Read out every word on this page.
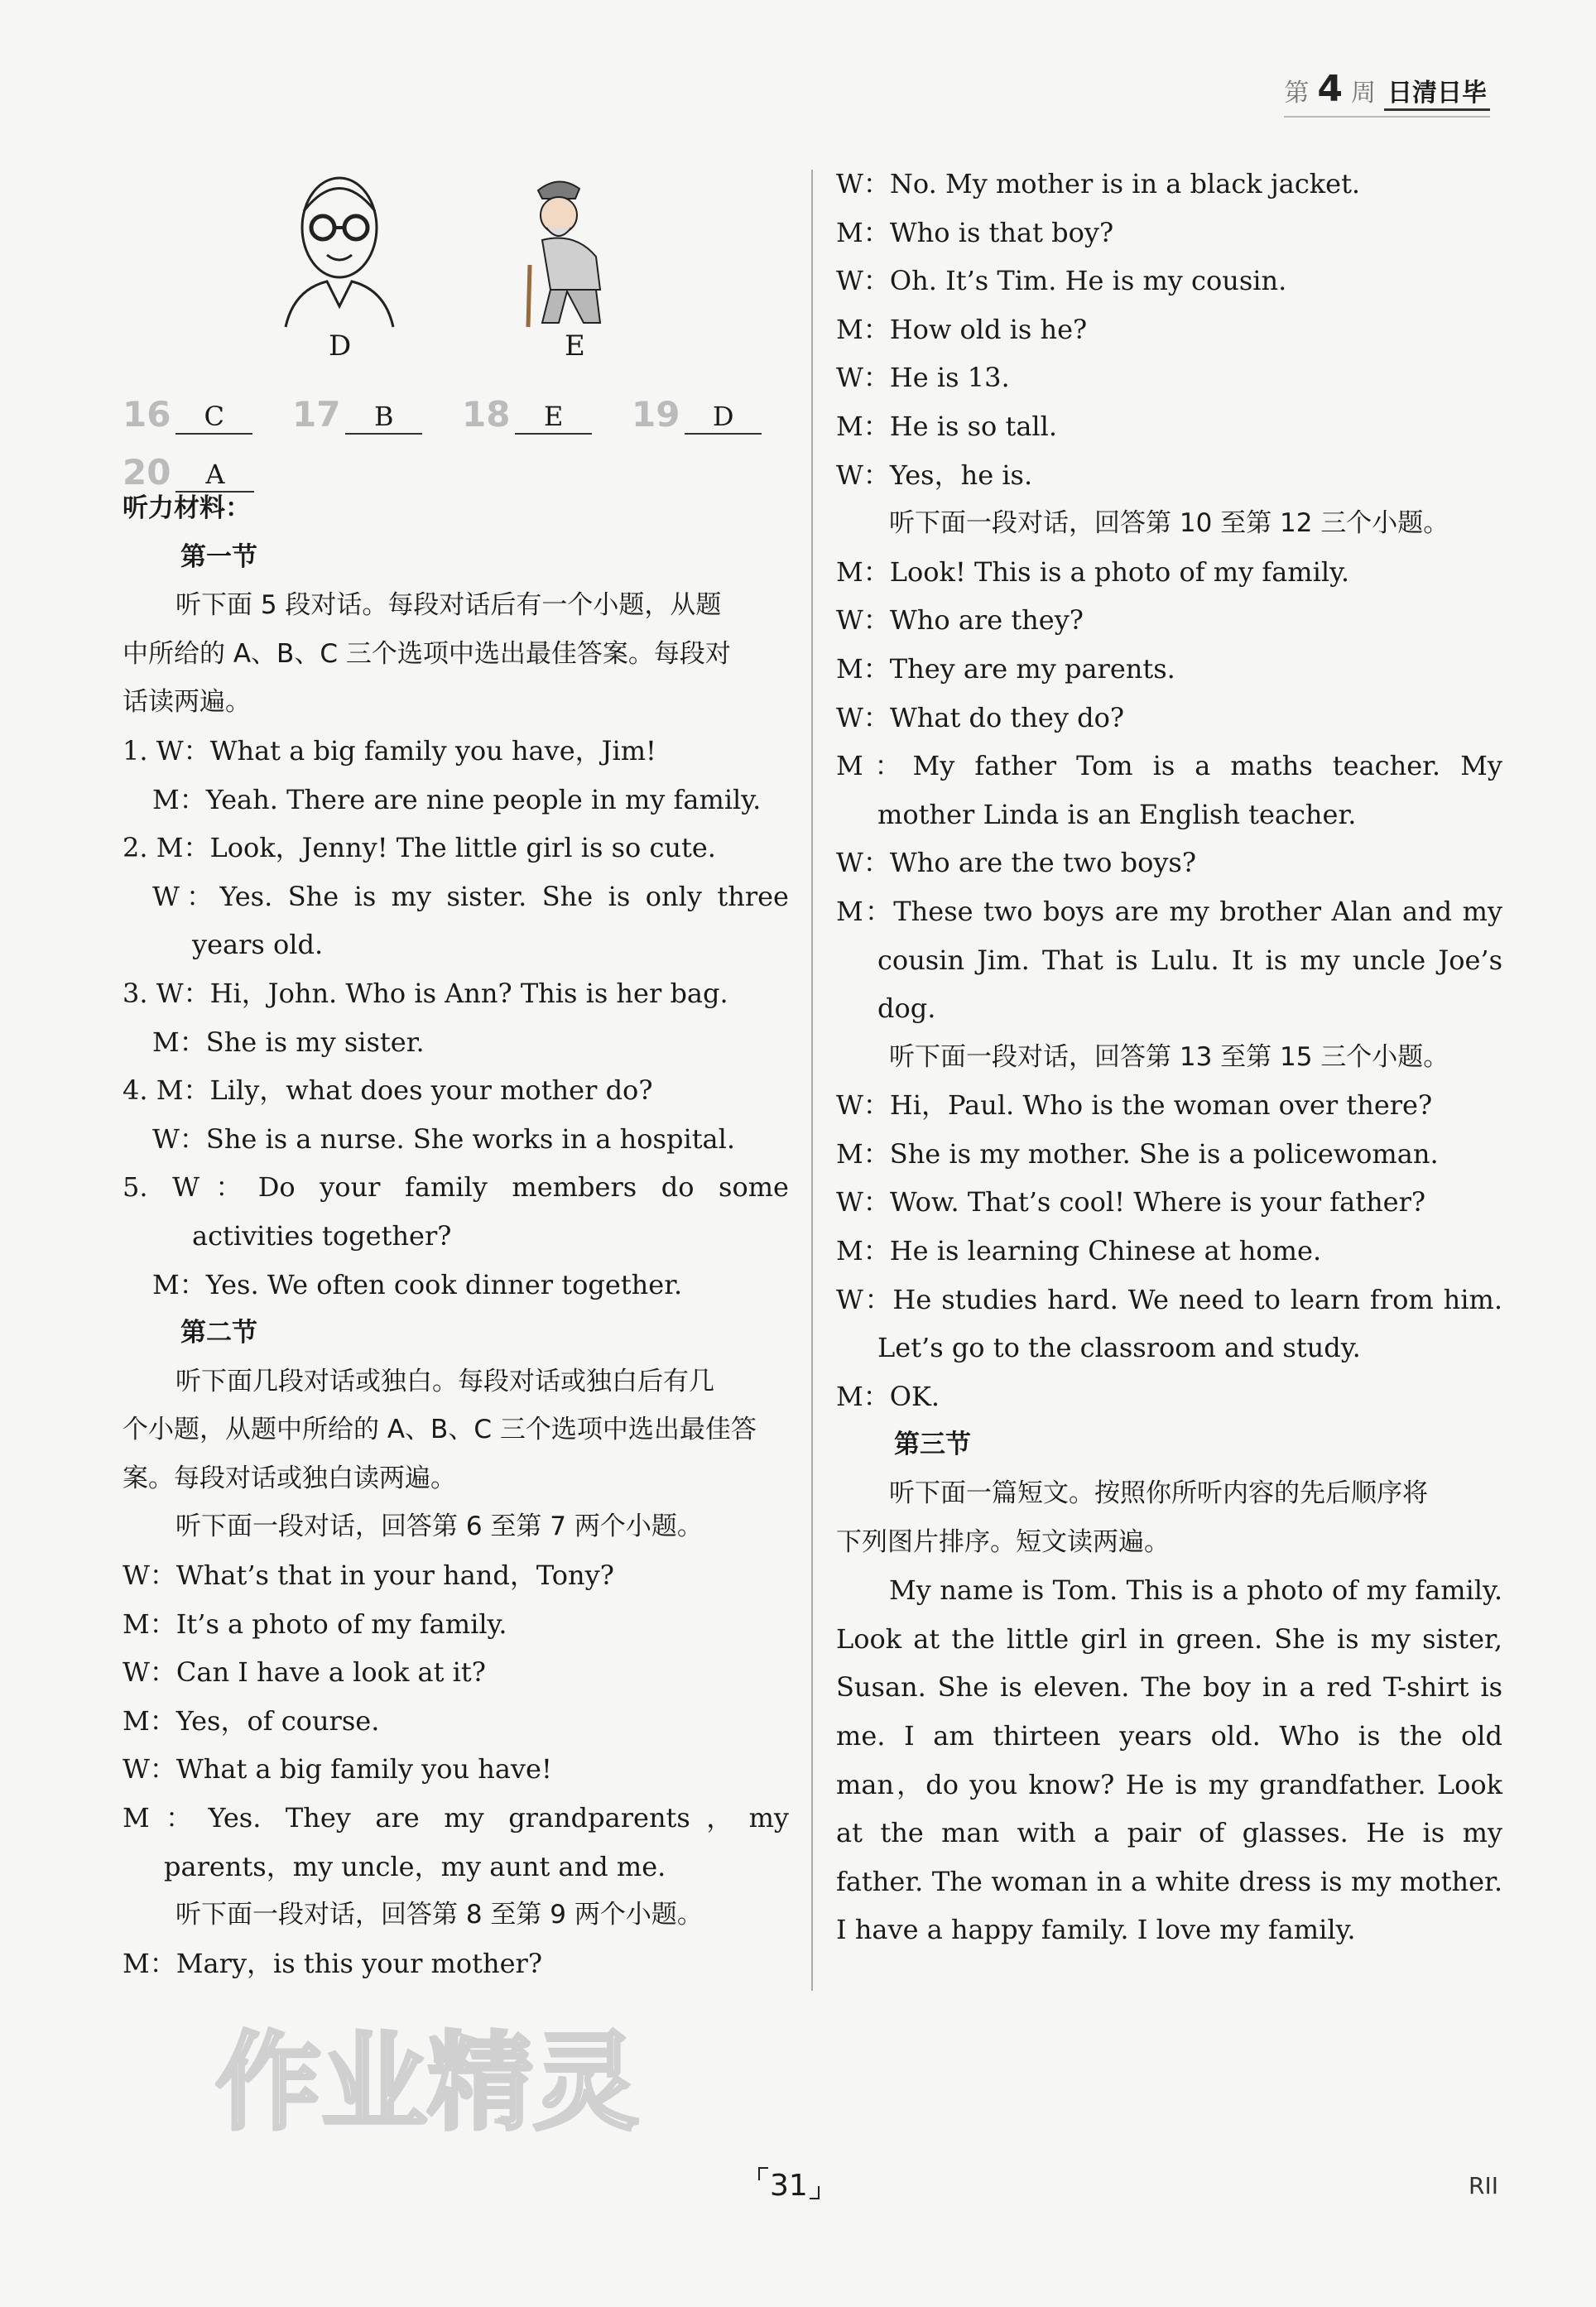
第 4 周 日清日毕
D	E
16	C	17	B	18	E	19	D
20	A

听力材料：

第一节

听下面 5 段对话。每段对话后有一个小题，从题

中所给的 A、B、C 三个选项中选出最佳答案。每段对

话读两遍。

1. W：What a big family you have，Jim!

M：Yeah. There are nine people in my family.

2. M：Look，Jenny! The little girl is so cute.

W：Yes. She is my sister. She is only three years old.

3. W：Hi，John. Who is Ann? This is her bag.

M：She is my sister.

4. M：Lily，what does your mother do?

W：She is a nurse. She works in a hospital.

5. W：Do your family members do some activities together?

M：Yes. We often cook dinner together.

第二节

听下面几段对话或独白。每段对话或独白后有几

个小题，从题中所给的 A、B、C 三个选项中选出最佳答

案。每段对话或独白读两遍。

听下面一段对话，回答第 6 至第 7 两个小题。

W：What’s that in your hand，Tony?

M：It’s a photo of my family.

W：Can I have a look at it?

M：Yes，of course.

W：What a big family you have!

M：Yes. They are my grandparents，my parents，my uncle，my aunt and me.

听下面一段对话，回答第 8 至第 9 两个小题。

M：Mary，is this your mother?

W：No. My mother is in a black jacket.

M：Who is that boy?

W：Oh. It’s Tim. He is my cousin.

M：How old is he?

W：He is 13.

M：He is so tall.

W：Yes，he is.

听下面一段对话，回答第 10 至第 12 三个小题。

M：Look! This is a photo of my family.

W：Who are they?

M：They are my parents.

W：What do they do?

M：My father Tom is a maths teacher. My mother Linda is an English teacher.

W：Who are the two boys?

M：These two boys are my brother Alan and my cousin Jim. That is Lulu. It is my uncle Joe’s dog.

听下面一段对话，回答第 13 至第 15 三个小题。

W：Hi，Paul. Who is the woman over there?

M：She is my mother. She is a policewoman.

W：Wow. That’s cool! Where is your father?

M：He is learning Chinese at home.

W：He studies hard. We need to learn from him. Let’s go to the classroom and study.

M：OK.

第三节

听下面一篇短文。按照你所听内容的先后顺序将

下列图片排序。短文读两遍。

My name is Tom. This is a photo of my family. Look at the little girl in green. She is my sister, Susan. She is eleven. The boy in a red T-shirt is me. I am thirteen years old. Who is the old man，do you know? He is my grandfather. Look at the man with a pair of glasses. He is my father. The woman in a white dress is my mother. I have a happy family. I love my family.

31	RII
作业精灵
